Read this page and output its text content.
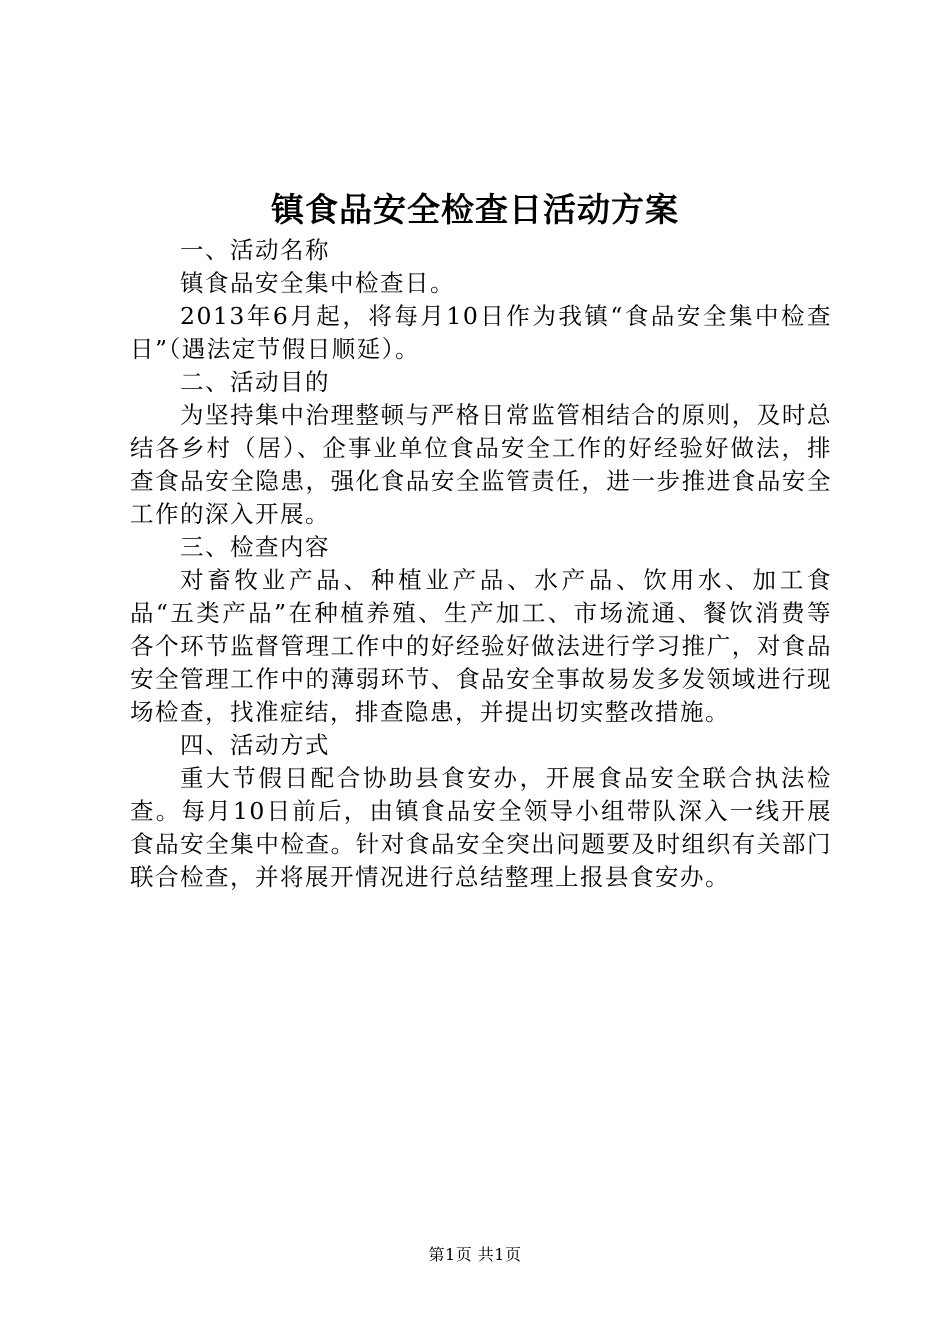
镇食品安全检查日活动方案

一、活动名称

镇食品安全集中检查日。

2013年6月起，将每月10日作为我镇“食品安全集中检查日”（遇法定节假日顺延）。

二、活动目的

为坚持集中治理整顿与严格日常监管相结合的原则，及时总结各乡村（居）、企事业单位食品安全工作的好经验好做法，排查食品安全隐患，强化食品安全监管责任，进一步推进食品安全工作的深入开展。

三、检查内容

对畜牧业产品、种植业产品、水产品、饮用水、加工食品“五类产品”在种植养殖、生产加工、市场流通、餐饮消费等各个环节监督管理工作中的好经验好做法进行学习推广，对食品安全管理工作中的薄弱环节、食品安全事故易发多发领域进行现场检查，找准症结，排查隐患，并提出切实整改措施。

四、活动方式

重大节假日配合协助县食安办，开展食品安全联合执法检查。每月10日前后，由镇食品安全领导小组带队深入一线开展食品安全集中检查。针对食品安全突出问题要及时组织有关部门联合检查，并将展开情况进行总结整理上报县食安办。

第1页 共1页
